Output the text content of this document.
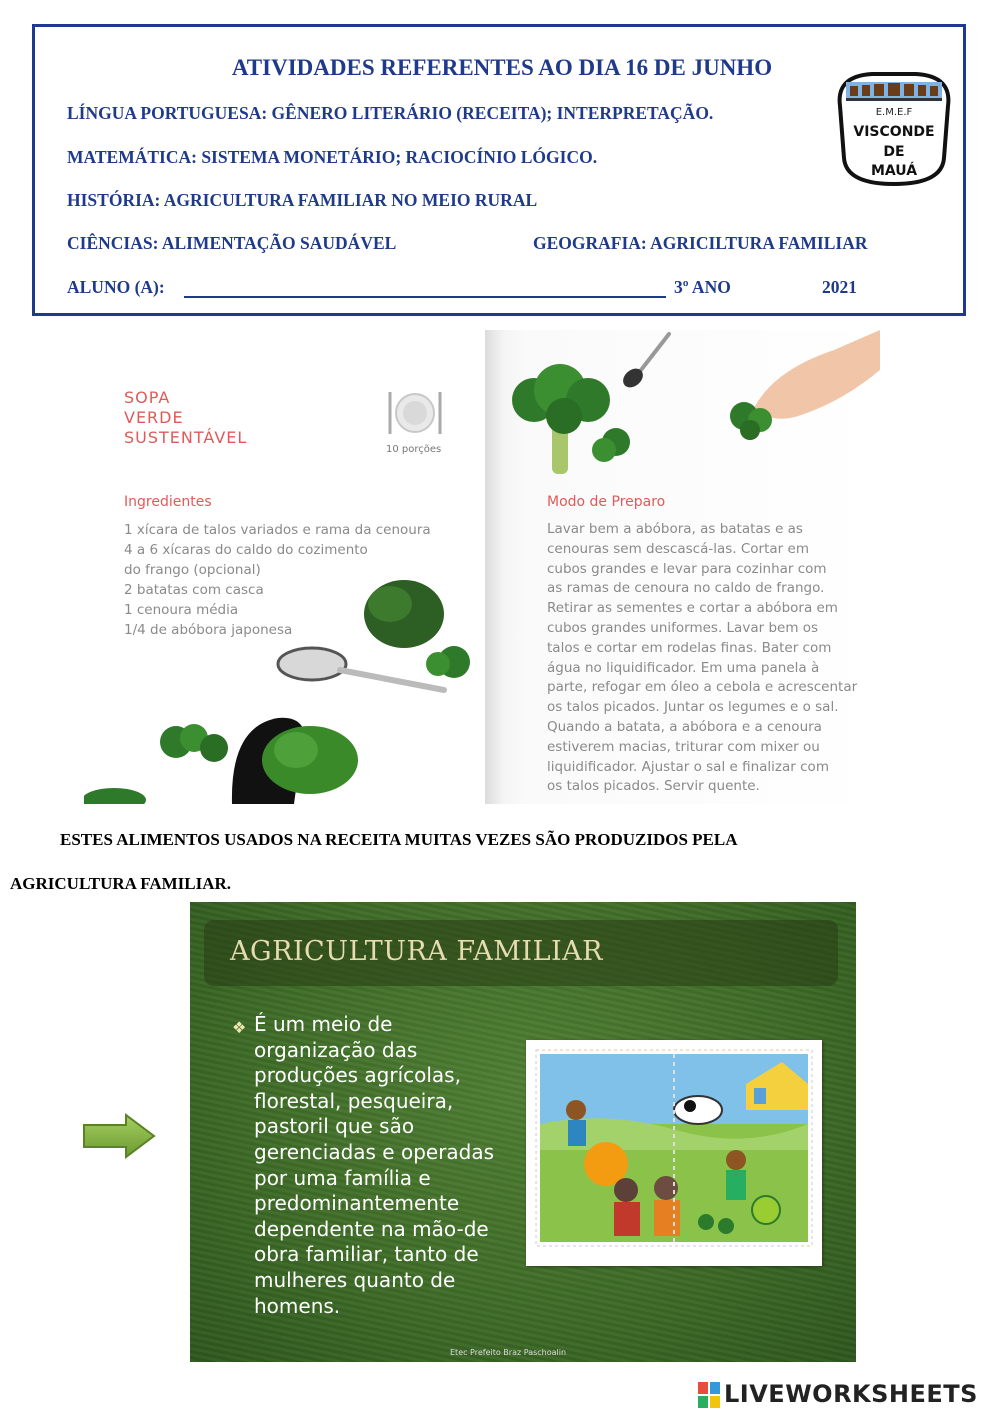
ATIVIDADES REFERENTES AO DIA 16 DE JUNHO
LÍNGUA PORTUGUESA: GÊNERO LITERÁRIO (RECEITA); INTERPRETAÇÃO.
MATEMÁTICA: SISTEMA MONETÁRIO; RACIOCÍNIO LÓGICO.
HISTÓRIA: AGRICULTURA FAMILIAR NO MEIO RURAL
CIÊNCIAS: ALIMENTAÇÃO SAUDÁVEL	GEOGRAFIA: AGRICILTURA FAMILIAR
ALUNO (A):	3º ANO	2021
E.M.E.F
VISCONDE
DE
MAUÁ
SOPA
VERDE
SUSTENTÁVEL
10 porções
Ingredientes
1 xícara de talos variados e rama da cenoura
4 a 6 xícaras do caldo do cozimento
do frango (opcional)
2 batatas com casca
1 cenoura média
1/4 de abóbora japonesa
Modo de Preparo
Lavar bem a abóbora, as batatas e as
cenouras sem descascá-las. Cortar em
cubos grandes e levar para cozinhar com
as ramas de cenoura no caldo de frango.
Retirar as sementes e cortar a abóbora em
cubos grandes uniformes. Lavar bem os
talos e cortar em rodelas finas. Bater com
água no liquidificador. Em uma panela à
parte, refogar em óleo a cebola e acrescentar
os talos picados. Juntar os legumes e o sal.
Quando a batata, a abóbora e a cenoura
estiverem macias, triturar com mixer ou
liquidificador. Ajustar o sal e finalizar com
os talos picados. Servir quente.
ESTES ALIMENTOS USADOS NA RECEITA MUITAS VEZES SÃO PRODUZIDOS PELA
AGRICULTURA FAMILIAR.
AGRICULTURA FAMILIAR
❖ É um meio de
organização das
produções agrícolas,
florestal, pesqueira,
pastoril que são
gerenciadas e operadas
por uma família e
predominantemente
dependente na mão-de
obra familiar, tanto de
mulheres quanto de
homens.
Etec Prefeito Braz Paschoalin
LIVEWORKSHEETS
